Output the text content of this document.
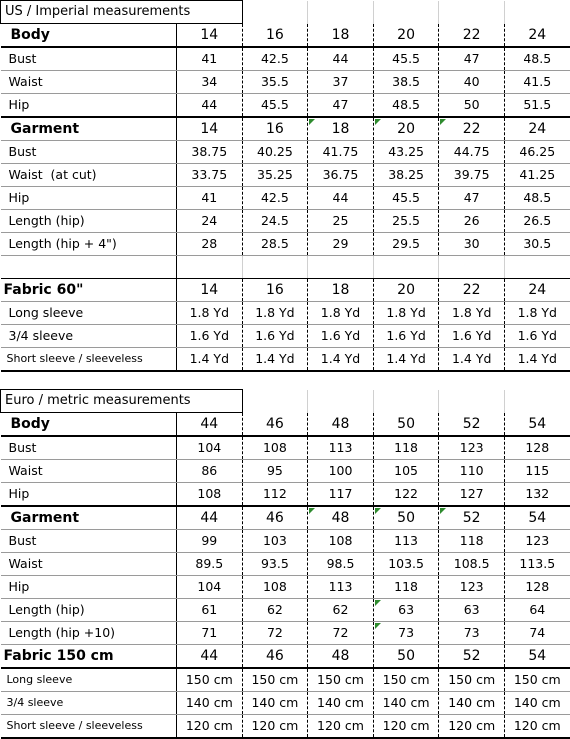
US / Imperial measurements						
Body	14	16	18	20	22	24
Bust	41	42.5	44	45.5	47	48.5
Waist	34	35.5	37	38.5	40	41.5
Hip	44	45.5	47	48.5	50	51.5
Garment	14	16	18	20	22	24
Bust	38.75	40.25	41.75	43.25	44.75	46.25
Waist  (at cut)	33.75	35.25	36.75	38.25	39.75	41.25
Hip	41	42.5	44	45.5	47	48.5
Length (hip)	24	24.5	25	25.5	26	26.5
Length (hip + 4")	28	28.5	29	29.5	30	30.5

Fabric 60"	14	16	18	20	22	24
Long sleeve	1.8 Yd	1.8 Yd	1.8 Yd	1.8 Yd	1.8 Yd	1.8 Yd
3/4 sleeve	1.6 Yd	1.6 Yd	1.6 Yd	1.6 Yd	1.6 Yd	1.6 Yd
Short sleeve / sleeveless	1.4 Yd	1.4 Yd	1.4 Yd	1.4 Yd	1.4 Yd	1.4 Yd
Euro / metric measurements						
Body	44	46	48	50	52	54
Bust	104	108	113	118	123	128
Waist	86	95	100	105	110	115
Hip	108	112	117	122	127	132
Garment	44	46	48	50	52	54
Bust	99	103	108	113	118	123
Waist	89.5	93.5	98.5	103.5	108.5	113.5
Hip	104	108	113	118	123	128
Length (hip)	61	62	62	63	63	64
Length (hip +10)	71	72	72	73	73	74
Fabric 150 cm	44	46	48	50	52	54
Long sleeve	150 cm	150 cm	150 cm	150 cm	150 cm	150 cm
3/4 sleeve	140 cm	140 cm	140 cm	140 cm	140 cm	140 cm
Short sleeve / sleeveless	120 cm	120 cm	120 cm	120 cm	120 cm	120 cm
